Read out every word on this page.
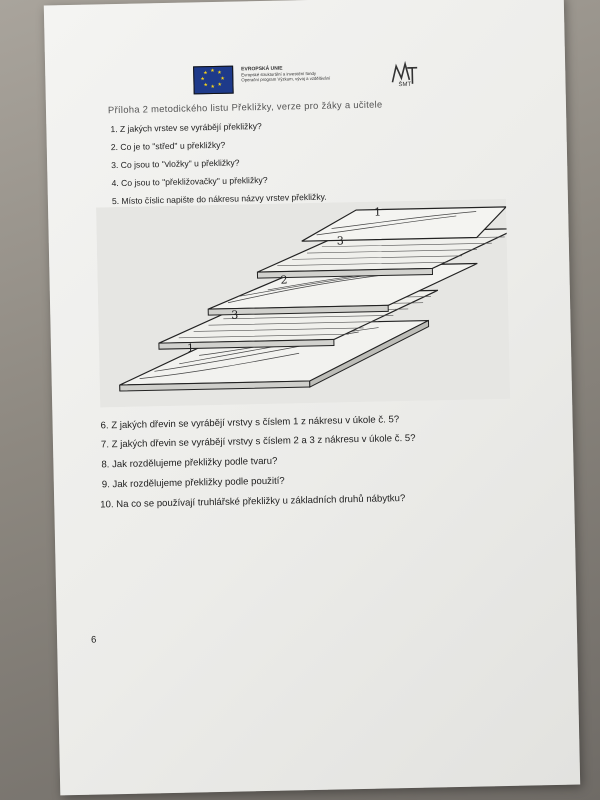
★ ★
★
★
★
★
★
★
EVROPSKÁ UNIE
Evropské strukturální a investiční fondy
Operační program Výzkum, vývoj a vzdělávání
ŠMT
Příloha 2 metodického listu Překližky, verze pro žáky a učitele
1. Z jakých vrstev se vyrábějí překližky?
2. Co je to "střed" u překližky?
3. Co jsou to "vložky" u překližky?
4. Co jsou to "překližovačky" u překližky?
5. Místo číslic napište do nákresu názvy vrstev překližky.
1
3
2
3
1
6. Z jakých dřevin se vyrábějí vrstvy s číslem 1 z nákresu v úkole č. 5?
7. Z jakých dřevin se vyrábějí vrstvy s číslem 2 a 3 z nákresu v úkole č. 5?
8. Jak rozdělujeme překližky podle tvaru?
9. Jak rozdělujeme překližky podle použití?
10. Na co se používají truhlářské překližky u základních druhů nábytku?
6
